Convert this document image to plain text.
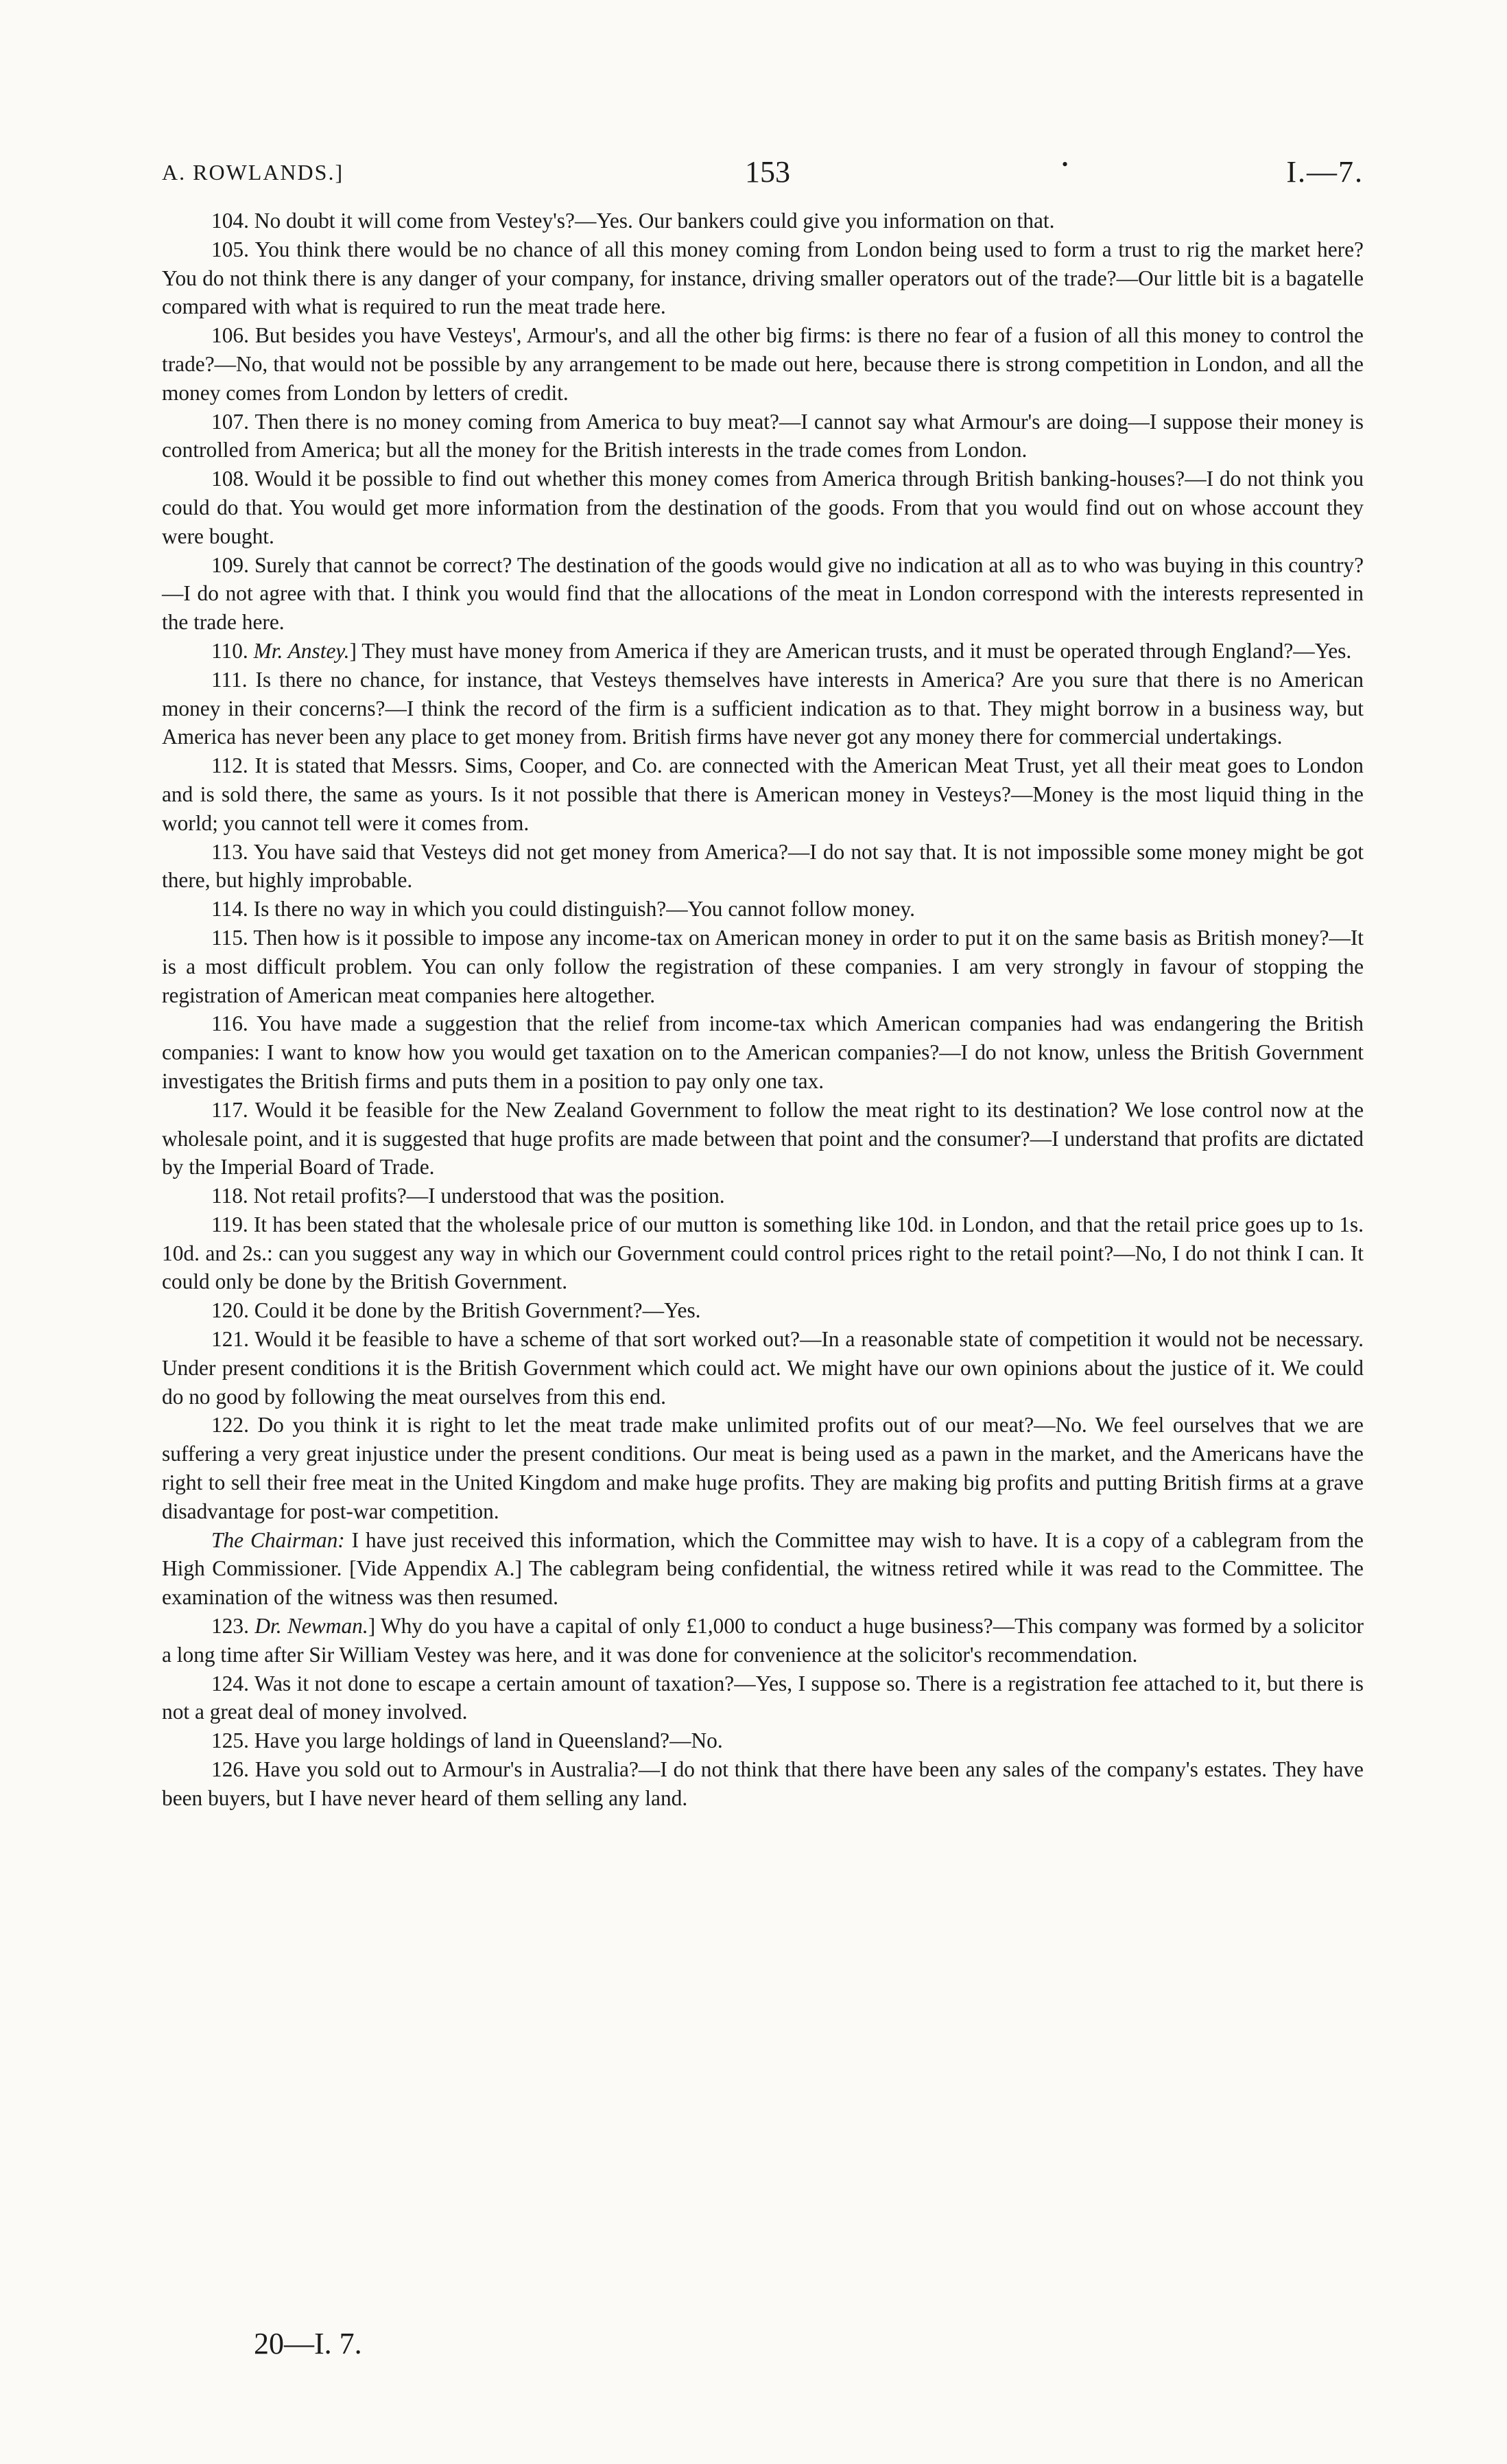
A. ROWLANDS.]	153	•	I.—7.

104. No doubt it will come from Vestey's?—Yes. Our bankers could give you information on that.

105. You think there would be no chance of all this money coming from London being used to form a trust to rig the market here? You do not think there is any danger of your company, for instance, driving smaller operators out of the trade?—Our little bit is a bagatelle compared with what is required to run the meat trade here.

106. But besides you have Vesteys', Armour's, and all the other big firms: is there no fear of a fusion of all this money to control the trade?—No, that would not be possible by any arrangement to be made out here, because there is strong competition in London, and all the money comes from London by letters of credit.

107. Then there is no money coming from America to buy meat?—I cannot say what Armour's are doing—I suppose their money is controlled from America; but all the money for the British interests in the trade comes from London.

108. Would it be possible to find out whether this money comes from America through British banking-houses?—I do not think you could do that. You would get more information from the destination of the goods. From that you would find out on whose account they were bought.

109. Surely that cannot be correct? The destination of the goods would give no indication at all as to who was buying in this country?—I do not agree with that. I think you would find that the allocations of the meat in London correspond with the interests represented in the trade here.

110. Mr. Anstey.] They must have money from America if they are American trusts, and it must be operated through England?—Yes.

111. Is there no chance, for instance, that Vesteys themselves have interests in America? Are you sure that there is no American money in their concerns?—I think the record of the firm is a sufficient indication as to that. They might borrow in a business way, but America has never been any place to get money from. British firms have never got any money there for commercial undertakings.

112. It is stated that Messrs. Sims, Cooper, and Co. are connected with the American Meat Trust, yet all their meat goes to London and is sold there, the same as yours. Is it not possible that there is American money in Vesteys?—Money is the most liquid thing in the world; you cannot tell were it comes from.

113. You have said that Vesteys did not get money from America?—I do not say that. It is not impossible some money might be got there, but highly improbable.

114. Is there no way in which you could distinguish?—You cannot follow money.

115. Then how is it possible to impose any income-tax on American money in order to put it on the same basis as British money?—It is a most difficult problem. You can only follow the registration of these companies. I am very strongly in favour of stopping the registration of American meat companies here altogether.

116. You have made a suggestion that the relief from income-tax which American companies had was endangering the British companies: I want to know how you would get taxation on to the American companies?—I do not know, unless the British Government investigates the British firms and puts them in a position to pay only one tax.

117. Would it be feasible for the New Zealand Government to follow the meat right to its destination? We lose control now at the wholesale point, and it is suggested that huge profits are made between that point and the consumer?—I understand that profits are dictated by the Imperial Board of Trade.

118. Not retail profits?—I understood that was the position.

119. It has been stated that the wholesale price of our mutton is something like 10d. in London, and that the retail price goes up to 1s. 10d. and 2s.: can you suggest any way in which our Government could control prices right to the retail point?—No, I do not think I can. It could only be done by the British Government.

120. Could it be done by the British Government?—Yes.

121. Would it be feasible to have a scheme of that sort worked out?—In a reasonable state of competition it would not be necessary. Under present conditions it is the British Government which could act. We might have our own opinions about the justice of it. We could do no good by following the meat ourselves from this end.

122. Do you think it is right to let the meat trade make unlimited profits out of our meat?—No. We feel ourselves that we are suffering a very great injustice under the present conditions. Our meat is being used as a pawn in the market, and the Americans have the right to sell their free meat in the United Kingdom and make huge profits. They are making big profits and putting British firms at a grave disadvantage for post-war competition.

The Chairman: I have just received this information, which the Committee may wish to have. It is a copy of a cablegram from the High Commissioner. [Vide Appendix A.] The cablegram being confidential, the witness retired while it was read to the Committee. The examination of the witness was then resumed.

123. Dr. Newman.] Why do you have a capital of only £1,000 to conduct a huge business?—This company was formed by a solicitor a long time after Sir William Vestey was here, and it was done for convenience at the solicitor's recommendation.

124. Was it not done to escape a certain amount of taxation?—Yes, I suppose so. There is a registration fee attached to it, but there is not a great deal of money involved.

125. Have you large holdings of land in Queensland?—No.

126. Have you sold out to Armour's in Australia?—I do not think that there have been any sales of the company's estates. They have been buyers, but I have never heard of them selling any land.

20—I. 7.
